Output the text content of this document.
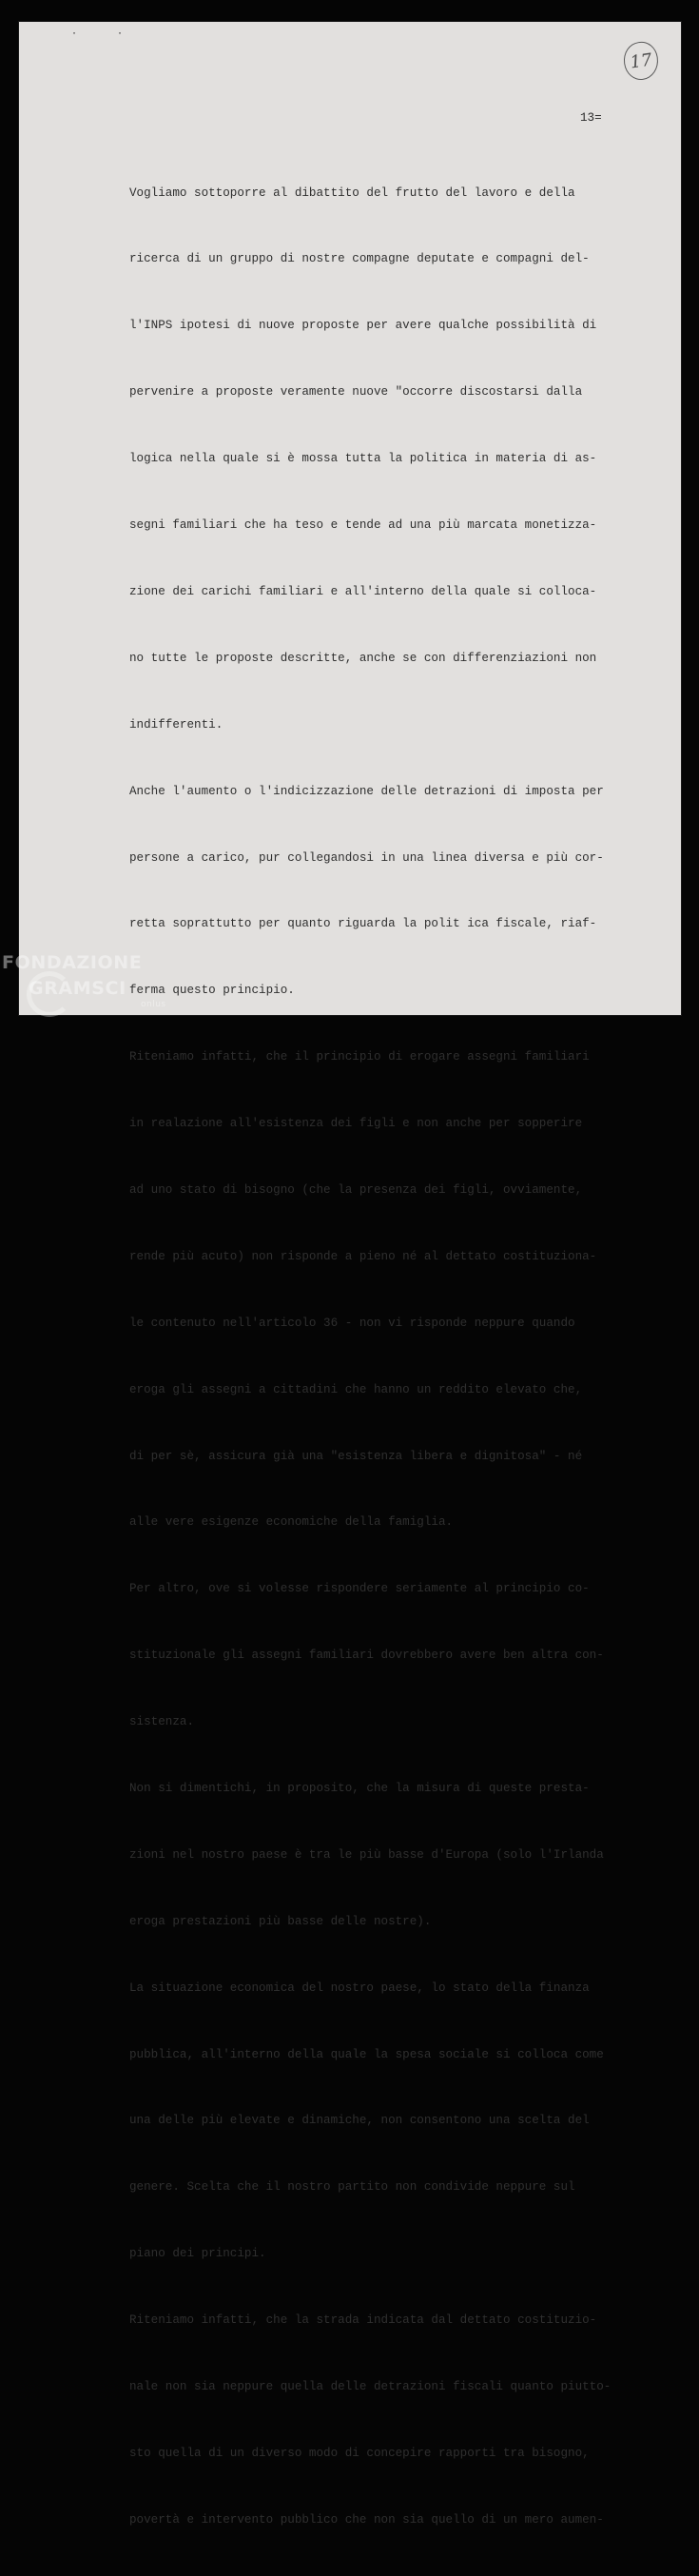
· ·
17
13=

Vogliamo sottoporre al dibattito del frutto del lavoro e della

ricerca di un gruppo di nostre compagne deputate e compagni del-

l'INPS ipotesi di nuove proposte per avere qualche possibilità di

pervenire a proposte veramente nuove "occorre discostarsi dalla

logica nella quale si è mossa tutta la politica in materia di as-

segni familiari che ha teso e tende ad una più marcata monetizza-

zione dei carichi familiari e all'interno della quale si colloca-

no tutte le proposte descritte, anche se con differenziazioni non

indifferenti.

Anche l'aumento o l'indicizzazione delle detrazioni di imposta per

persone a carico, pur collegandosi in una linea diversa e più cor-

retta soprattutto per quanto riguarda la polit ica fiscale, riaf-

ferma questo principio.

Riteniamo infatti, che il principio di erogare assegni familiari

in realazione all'esistenza dei figli e non anche per sopperire

ad uno stato di bisogno (che la presenza dei figli, ovviamente,

rende più acuto) non risponde a pieno né al dettato costituziona-

le contenuto nell'articolo 36 - non vi risponde neppure quando

eroga gli assegni a cittadini che hanno un reddito elevato che,

di per sè, assicura già una "esistenza libera e dignitosa" - né

alle vere esigenze economiche della famiglia.

Per altro, ove si volesse rispondere seriamente al principio co-

stituzionale gli assegni familiari dovrebbero avere ben altra con-

sistenza.

Non si dimentichi, in proposito, che la misura di queste presta-

zioni nel nostro paese è tra le più basse d'Europa (solo l'Irlanda

eroga prestazioni più basse delle nostre).

La situazione economica del nostro paese, lo stato della finanza

pubblica, all'interno della quale la spesa sociale si colloca come

una delle più elevate e dinamiche, non consentono una scelta del

genere. Scelta che il nostro partito non condivide neppure sul

piano dei principi.

Riteniamo infatti, che la strada indicata dal dettato costituzio-

nale non sia neppure quella delle detrazioni fiscali quanto piutto-

sto quella di un diverso modo di concepire rapporti tra bisogno,

povertà e intervento pubblico che non sia quello di un mero aumen-

FONDAZIONE
GRAMSCI
onlus
